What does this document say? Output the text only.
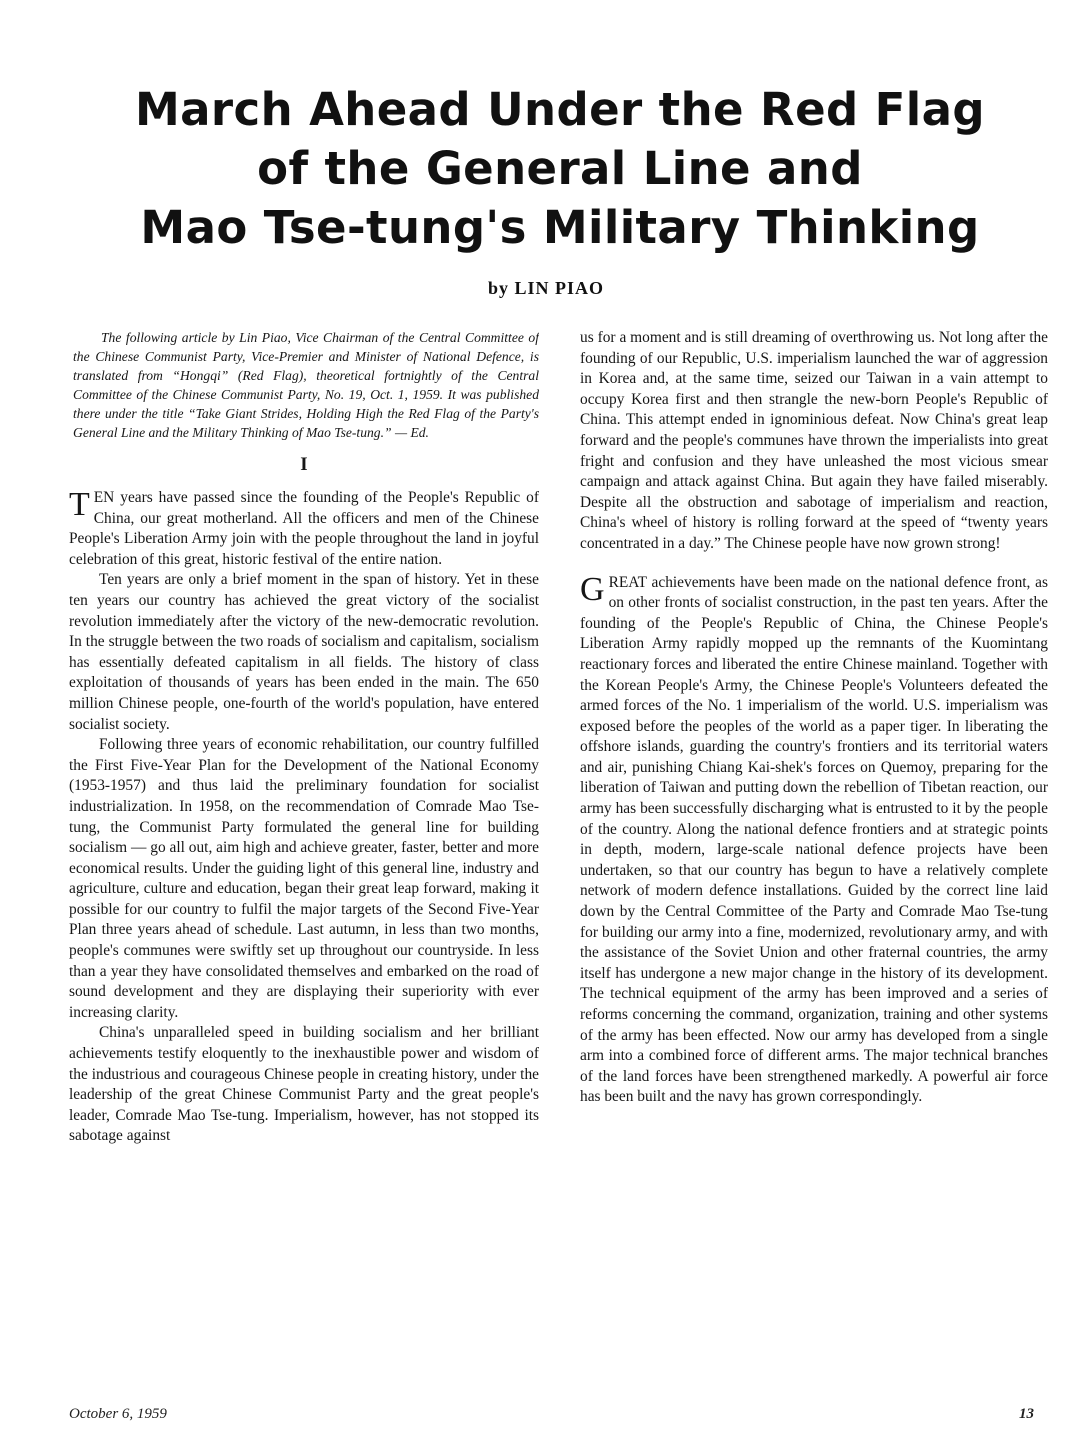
March Ahead Under the Red Flag
of the General Line and
Mao Tse-tung's Military Thinking
by LIN PIAO

The following article by Lin Piao, Vice Chairman of the Central Committee of the Chinese Communist Party, Vice-Premier and Minister of National Defence, is translated from “Hongqi” (Red Flag), theoretical fortnightly of the Central Committee of the Chinese Communist Party, No. 19, Oct. 1, 1959. It was published there under the title “Take Giant Strides, Holding High the Red Flag of the Party's General Line and the Military Thinking of Mao Tse-tung.” — Ed.

I

TEN years have passed since the founding of the People's Republic of China, our great motherland. All the officers and men of the Chinese People's Liberation Army join with the people throughout the land in joyful celebration of this great, historic festival of the entire nation.

Ten years are only a brief moment in the span of history. Yet in these ten years our country has achieved the great victory of the socialist revolution immediately after the victory of the new-democratic revolution. In the struggle between the two roads of socialism and capitalism, socialism has essentially defeated capitalism in all fields. The history of class exploitation of thousands of years has been ended in the main. The 650 million Chinese people, one-fourth of the world's population, have entered socialist society.

Following three years of economic rehabilitation, our country fulfilled the First Five-Year Plan for the Development of the National Economy (1953-1957) and thus laid the preliminary foundation for socialist industrialization. In 1958, on the recommendation of Comrade Mao Tse-tung, the Communist Party formulated the general line for building socialism — go all out, aim high and achieve greater, faster, better and more economical results. Under the guiding light of this general line, industry and agriculture, culture and education, began their great leap forward, making it possible for our country to fulfil the major targets of the Second Five-Year Plan three years ahead of schedule. Last autumn, in less than two months, people's communes were swiftly set up throughout our countryside. In less than a year they have consolidated themselves and embarked on the road of sound development and they are displaying their superiority with ever increasing clarity.

China's unparalleled speed in building socialism and her brilliant achievements testify eloquently to the inexhaustible power and wisdom of the industrious and courageous Chinese people in creating history, under the leadership of the great Chinese Communist Party and the great people's leader, Comrade Mao Tse-tung. Imperialism, however, has not stopped its sabotage against

us for a moment and is still dreaming of overthrowing us. Not long after the founding of our Republic, U.S. imperialism launched the war of aggression in Korea and, at the same time, seized our Taiwan in a vain attempt to occupy Korea first and then strangle the new-born People's Republic of China. This attempt ended in ignominious defeat. Now China's great leap forward and the people's communes have thrown the imperialists into great fright and confusion and they have unleashed the most vicious smear campaign and attack against China. But again they have failed miserably. Despite all the obstruction and sabotage of imperialism and reaction, China's wheel of history is rolling forward at the speed of “twenty years concentrated in a day.” The Chinese people have now grown strong!

GREAT achievements have been made on the national defence front, as on other fronts of socialist construction, in the past ten years. After the founding of the People's Republic of China, the Chinese People's Liberation Army rapidly mopped up the remnants of the Kuomintang reactionary forces and liberated the entire Chinese mainland. Together with the Korean People's Army, the Chinese People's Volunteers defeated the armed forces of the No. 1 imperialism of the world. U.S. imperialism was exposed before the peoples of the world as a paper tiger. In liberating the offshore islands, guarding the country's frontiers and its territorial waters and air, punishing Chiang Kai-shek's forces on Quemoy, preparing for the liberation of Taiwan and putting down the rebellion of Tibetan reaction, our army has been successfully discharging what is entrusted to it by the people of the country. Along the national defence frontiers and at strategic points in depth, modern, large-scale national defence projects have been undertaken, so that our country has begun to have a relatively complete network of modern defence installations. Guided by the correct line laid down by the Central Committee of the Party and Comrade Mao Tse-tung for building our army into a fine, modernized, revolutionary army, and with the assistance of the Soviet Union and other fraternal countries, the army itself has undergone a new major change in the history of its development. The technical equipment of the army has been improved and a series of reforms concerning the command, organization, training and other systems of the army has been effected. Now our army has developed from a single arm into a combined force of different arms. The major technical branches of the land forces have been strengthened markedly. A powerful air force has been built and the navy has grown correspondingly.

October 6, 1959	13
